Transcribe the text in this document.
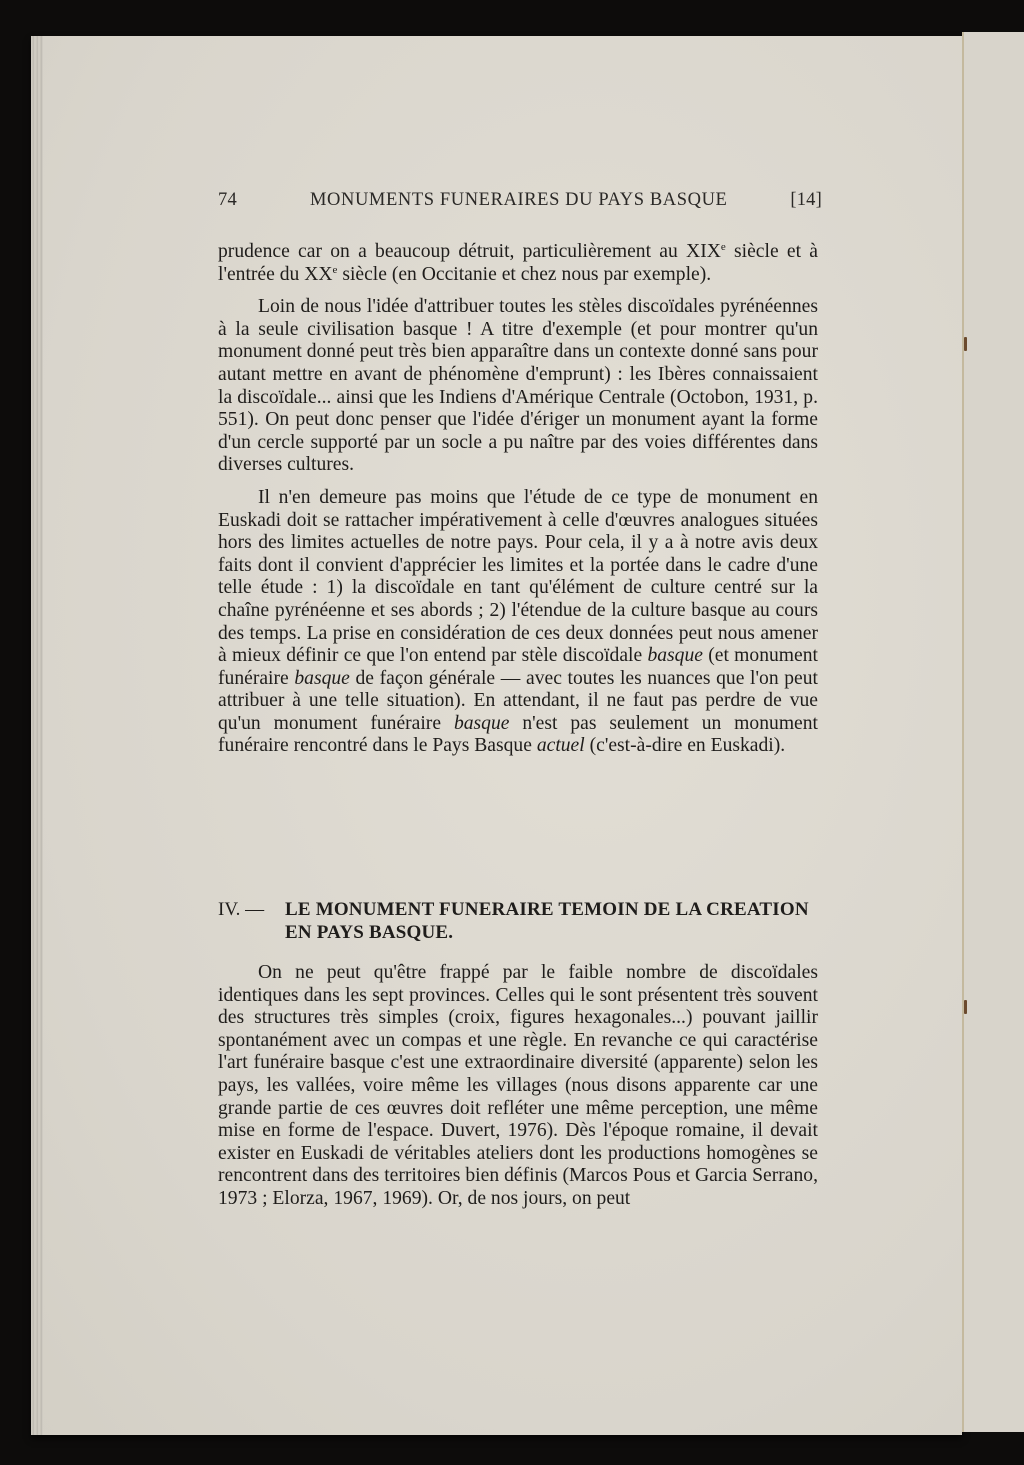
74	MONUMENTS FUNERAIRES DU PAYS BASQUE	[14]

prudence car on a beaucoup détruit, particulièrement au XIXe siècle et à l'entrée du XXe siècle (en Occitanie et chez nous par exemple).

Loin de nous l'idée d'attribuer toutes les stèles discoïdales pyrénéennes à la seule civilisation basque ! A titre d'exemple (et pour montrer qu'un monument donné peut très bien apparaître dans un contexte donné sans pour autant mettre en avant de phénomène d'emprunt) : les Ibères connaissaient la discoïdale... ainsi que les Indiens d'Amérique Centrale (Octobon, 1931, p. 551). On peut donc penser que l'idée d'ériger un monument ayant la forme d'un cercle supporté par un socle a pu naître par des voies différentes dans diverses cultures.

Il n'en demeure pas moins que l'étude de ce type de monument en Euskadi doit se rattacher impérativement à celle d'œuvres analogues situées hors des limites actuelles de notre pays. Pour cela, il y a à notre avis deux faits dont il convient d'apprécier les limites et la portée dans le cadre d'une telle étude : 1) la discoïdale en tant qu'élément de culture centré sur la chaîne pyrénéenne et ses abords ; 2) l'étendue de la culture basque au cours des temps. La prise en considération de ces deux données peut nous amener à mieux définir ce que l'on entend par stèle discoïdale basque (et monument funéraire basque de façon générale — avec toutes les nuances que l'on peut attribuer à une telle situation). En attendant, il ne faut pas perdre de vue qu'un monument funéraire basque n'est pas seulement un monument funéraire rencontré dans le Pays Basque actuel (c'est-à-dire en Euskadi).

IV. — LE MONUMENT FUNERAIRE TEMOIN DE LA CREATION EN PAYS BASQUE.

On ne peut qu'être frappé par le faible nombre de discoïdales identiques dans les sept provinces. Celles qui le sont présentent très souvent des structures très simples (croix, figures hexagonales...) pouvant jaillir spontanément avec un compas et une règle. En revanche ce qui caractérise l'art funéraire basque c'est une extraordinaire diversité (apparente) selon les pays, les vallées, voire même les villages (nous disons apparente car une grande partie de ces œuvres doit refléter une même perception, une même mise en forme de l'espace. Duvert, 1976). Dès l'époque romaine, il devait exister en Euskadi de véritables ateliers dont les productions homogènes se rencontrent dans des territoires bien définis (Marcos Pous et Garcia Serrano, 1973 ; Elorza, 1967, 1969). Or, de nos jours, on peut
